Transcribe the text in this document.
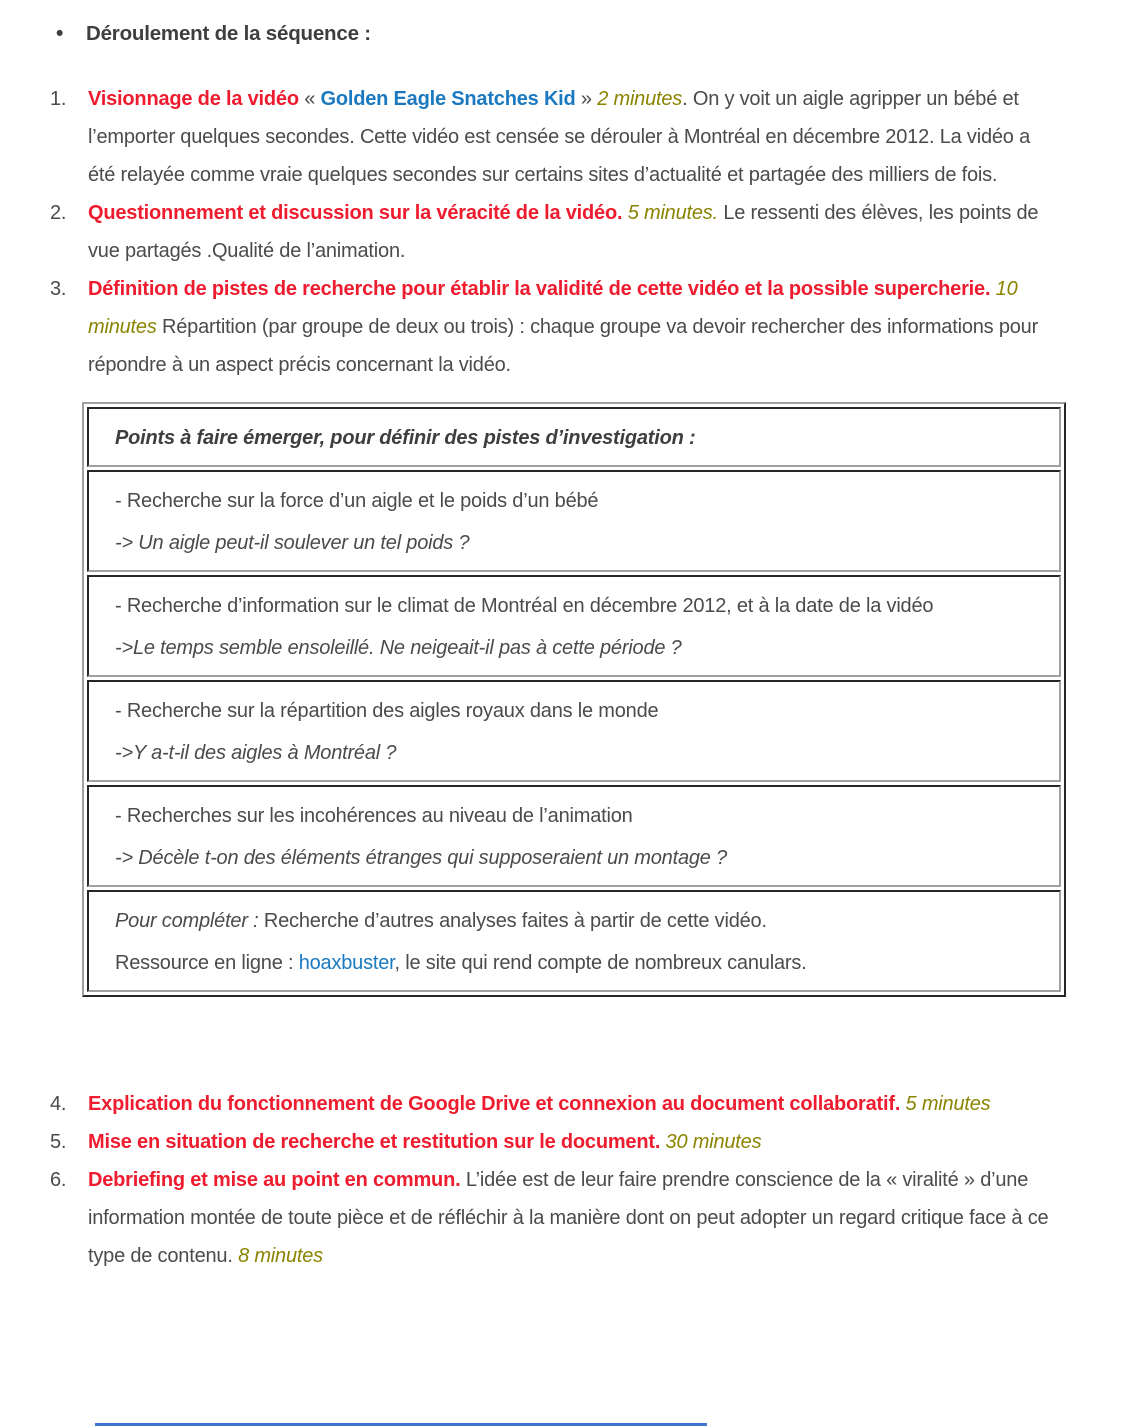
•	Déroulement de la séquence :
1.	Visionnage de la vidéo « Golden Eagle Snatches Kid » 2 minutes. On y voit un aigle agripper un bébé et l’emporter quelques secondes. Cette vidéo est censée se dérouler à Montréal en décembre 2012. La vidéo a été relayée comme vraie quelques secondes sur certains sites d’actualité et partagée des milliers de fois.
2.	Questionnement et discussion sur la véracité de la vidéo. 5 minutes. Le ressenti des élèves, les points de vue partagés .Qualité de l’animation.
3.	Définition de pistes de recherche pour établir la validité de cette vidéo et la possible supercherie. 10 minutes Répartition (par groupe de deux ou trois) : chaque groupe va devoir rechercher des informations pour répondre à un aspect précis concernant la vidéo.
Points à faire émerger, pour définir des pistes d’investigation :
- Recherche sur la force d’un aigle et le poids d’un bébé
-> Un aigle peut-il soulever un tel poids ?
- Recherche d’information sur le climat de Montréal en décembre 2012, et à la date de la vidéo
->Le temps semble ensoleillé. Ne neigeait-il pas à cette période ?
- Recherche sur la répartition des aigles royaux dans le monde
->Y a-t-il des aigles à Montréal ?
- Recherches sur les incohérences au niveau de l’animation
-> Décèle t-on des éléments étranges qui supposeraient un montage ?
Pour compléter : Recherche d’autres analyses faites à partir de cette vidéo.
Ressource en ligne : hoaxbuster, le site qui rend compte de nombreux canulars.
4.	Explication du fonctionnement de Google Drive et connexion au document collaboratif. 5 minutes
5.	Mise en situation de recherche et restitution sur le document. 30 minutes
6.	Debriefing et mise au point en commun. L’idée est de leur faire prendre conscience de la « viralité » d’une information montée de toute pièce et de réfléchir à la manière dont on peut adopter un regard critique face à ce type de contenu. 8 minutes
